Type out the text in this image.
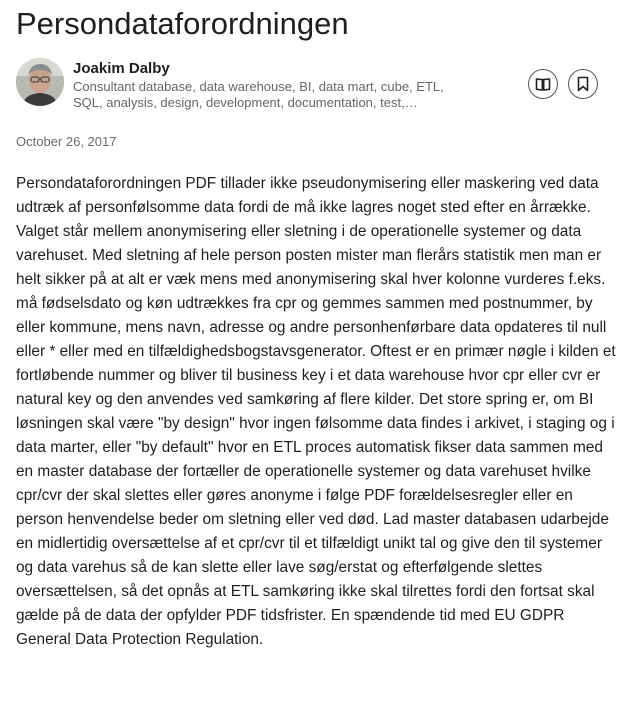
Persondataforordningen
Joakim Dalby
Consultant database, data warehouse, BI, data mart, cube, ETL, SQL, analysis, design, development, documentation, test,…
October 26, 2017

Persondataforordningen PDF tillader ikke pseudonymisering eller maskering ved data udtræk af personfølsomme data fordi de må ikke lagres noget sted efter en årrække. Valget står mellem anonymisering eller sletning i de operationelle systemer og data varehuset. Med sletning af hele person posten mister man flerårs statistik men man er helt sikker på at alt er væk mens med anonymisering skal hver kolonne vurderes f.eks. må fødselsdato og køn udtrækkes fra cpr og gemmes sammen med postnummer, by eller kommune, mens navn, adresse og andre personhenførbare data opdateres til null eller * eller med en tilfældighedsbogstavsgenerator. Oftest er en primær nøgle i kilden et fortløbende nummer og bliver til business key i et data warehouse hvor cpr eller cvr er natural key og den anvendes ved samkøring af flere kilder. Det store spring er, om BI løsningen skal være "by design" hvor ingen følsomme data findes i arkivet, i staging og i data marter, eller "by default" hvor en ETL proces automatisk fikser data sammen med en master database der fortæller de operationelle systemer og data varehuset hvilke cpr/cvr der skal slettes eller gøres anonyme i følge PDF forældelsesregler eller en person henvendelse beder om sletning eller ved død. Lad master databasen udarbejde en midlertidig oversættelse af et cpr/cvr til et tilfældigt unikt tal og give den til systemer og data varehus så de kan slette eller lave søg/erstat og efterfølgende slettes oversættelsen, så det opnås at ETL samkøring ikke skal tilrettes fordi den fortsat skal gælde på de data der opfylder PDF tidsfrister. En spændende tid med EU GDPR General Data Protection Regulation.
